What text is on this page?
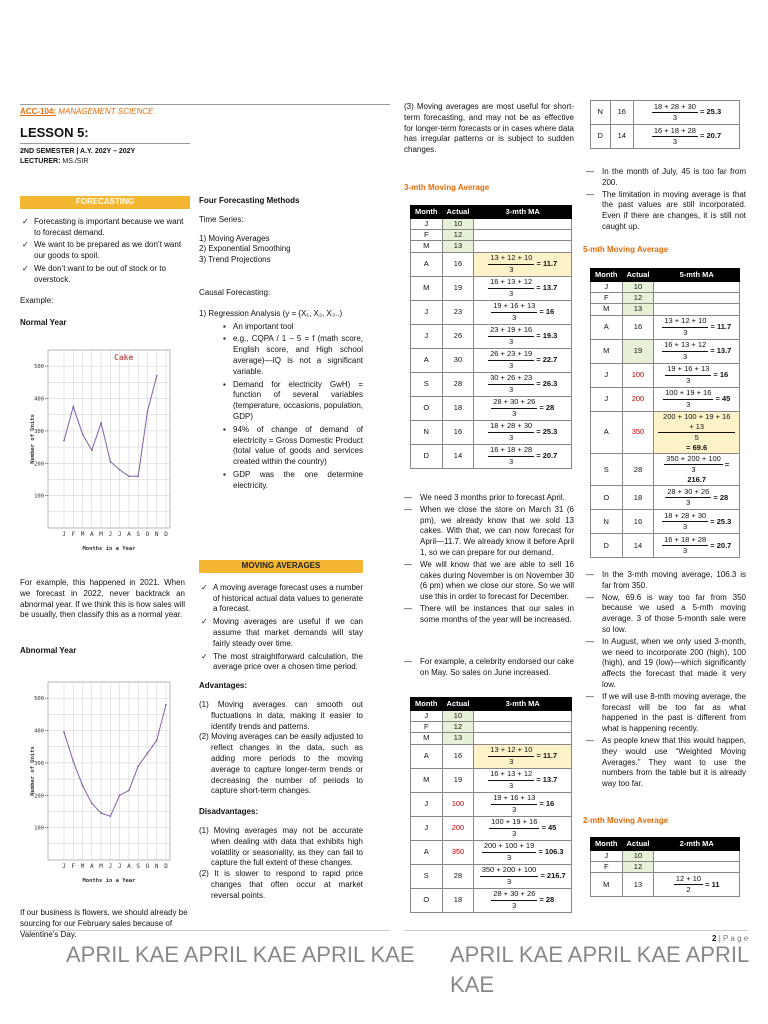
ACC-104: MANAGEMENT SCIENCE
LESSON 5:
2ND SEMESTER | A.Y. 202Y – 202Y
LECTURER: MS./SIR
FORECASTING
✓ Forecasting is important because we want to forecast demand.
✓ We want to be prepared as we don’t want our goods to spoil.
✓ We don’t want to be out of stock or to overstock.
Example:
Normal Year
100
200
300
400
500
J F M A M J J A S O N D
Months in a Year
Number of Units
Cake
For example, this happened in 2021. When we forecast in 2022, never backtrack an abnormal year. If we think this is how sales will be usually, then classify this as a normal year.
Abnormal Year
100
200
300
400
500
J F M A M J J A S O N D
Months in a Year
Number of Units
If our business is flowers, we should already be sourcing for our February sales because of Valentine’s Day.
Four Forecasting Methods
Time Series:
1) Moving Averages
2) Exponential Smoothing
3) Trend Projections
Causal Forecasting:
1) Regression Analysis (y = {X₁, X₂, X₃..)
▪ An important tool
▪ e.g., CQPA / 1 – 5 = f (math score, English score, and High school average)—IQ is not a significant variable.
▪ Demand for electricity GwH) = function of several variables (temperature, occasions, population, GDP)
▪ 94% of change of demand of electricity = Gross Domestic Product (total value of goods and services created within the country)
▪ GDP was the one determine electricity.
MOVING AVERAGES
✓ A moving average forecast uses a number of historical actual data values to generate a forecast.
✓ Moving averages are useful if we can assume that market demands will stay fairly steady over time.
✓ The most straightforward calculation, the average price over a chosen time period.
Advantages:
(1) Moving averages can smooth out fluctuations in data, making it easier to identify trends and patterns.
(2) Moving averages can be easily adjusted to reflect changes in the data, such as adding more periods to the moving average to capture longer-term trends or decreasing the number of periods to capture short-term changes.
Disadvantages:
(1) Moving averages may not be accurate when dealing with data that exhibits high volatility or seasonality, as they can fail to capture the full extent of these changes.
(2) It is slower to respond to rapid price changes that often occur at market reversal points.
(3) Moving averages are most useful for short-term forecasting, and may not be as effective for longer-term forecasts or in cases where data has irregular patterns or is subject to sudden changes.
3-mth Moving Average
Month	Actual	3-mth MA
J	10	
F	12	
M	13	
A	16	$\frac{13 + 12 + 10}{3} = 11.7$
M	19	$\frac{16 + 13 + 12}{3} = 13.7$
J	23	$\frac{19 + 16 + 13}{3} = 16$
J	26	$\frac{23 + 19 + 16}{3} = 19.3$
A	30	$\frac{26 + 23 + 19}{3} = 22.7$
S	28	$\frac{30 + 26 + 23}{3} = 26.3$
O	18	$\frac{28 + 30 + 26}{3} = 28$
N	16	$\frac{18 + 28 + 30}{3} = 25.3$
D	14	$\frac{16 + 18 + 28}{3} = 20.7$
— We need 3 months prior to forecast April.
— When we close the store on March 31 (6 pm), we already know that we sold 13 cakes. With that, we can now forecast for April—11.7. We already know it before April 1, so we can prepare for our demand.
— We will know that we are able to sell 16 cakes during November is on November 30 (6 pm) when we close our store. So we will use this in order to forecast for December.
— There will be instances that our sales in some months of the year will be increased.
— For example, a celebrity endorsed our cake on May. So sales on June increased.
Month	Actual	3-mth MA
J	10	
F	12	
M	13	
A	16	$\frac{13 + 12 + 10}{3} = 11.7$
M	19	$\frac{16 + 13 + 12}{3} = 13.7$
J	100	$\frac{19 + 16 + 13}{3} = 16$
J	200	$\frac{100 + 19 + 16}{3} = 45$
A	350	$\frac{200 + 100 + 19}{3} = 106.3$
S	28	$\frac{350 + 200 + 100}{3} = 216.7$
O	18	$\frac{28 + 30 + 26}{3} = 28$
N	16	$\frac{18 + 28 + 30}{3} = 25.3$
D	14	$\frac{16 + 18 + 28}{3} = 20.7$
— In the month of July, 45 is too far from 200.
— The limitation in moving average is that the past values are still incorporated. Even if there are changes, it is still not caught up.
5-mth Moving Average
Month	Actual	5-mth MA
J	10	
F	12	
M	13	
A	16	$\frac{13 + 12 + 10}{3} = 11.7$
M	19	$\frac{16 + 13 + 12}{3} = 13.7$
J	100	$\frac{19 + 16 + 13}{3} = 16$
J	200	$\frac{100 + 19 + 16}{3} = 45$
A	350	$\frac{200 + 100 + 19 + 16 + 13}{5}$
= 69.6
S	28	$\frac{350 + 200 + 100}{3} = 216.7$
O	18	$\frac{28 + 30 + 26}{3} = 28$
N	16	$\frac{18 + 28 + 30}{3} = 25.3$
D	14	$\frac{16 + 18 + 28}{3} = 20.7$
— In the 3-mth moving average, 106.3 is far from 350.
— Now, 69.6 is way too far from 350 because we used a 5-mth moving average. 3 of those 5-month sale were so low.
— In August, when we only used 3-month, we need to incorporate 200 (high), 100 (high), and 19 (low)—which significantly affects the forecast that made it very low.
— If we will use 8-mth moving average, the forecast will be too far as what happened in the past is different from what is happening recently.
— As people knew that this would happen, they would use “Weighted Moving Averages.” They want to use the numbers from the table but it is already way too far.
2-mth Moving Average
Month	Actual	2-mth MA
J	10	
F	12	
M	13	$\frac{12 + 10}{2} = 11$
APRIL KAE APRIL KAE APRIL KAE APRIL KAE APRIL KAE APRIL KAE
2 | P a g e
